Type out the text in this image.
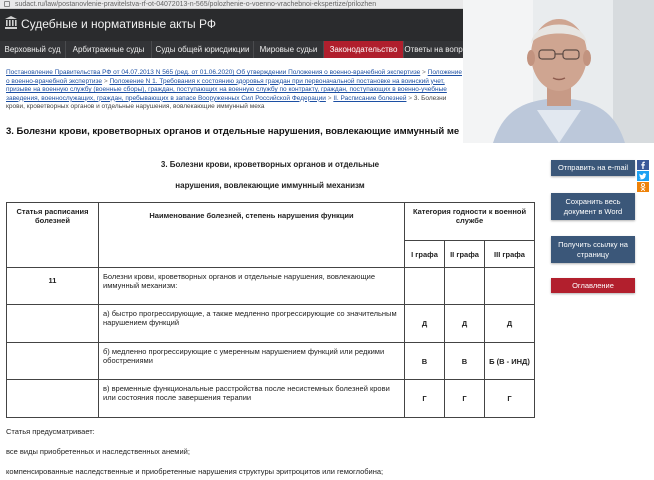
sudact.ru/law/postanovlenie-pravitelstva-rf-ot-04072013-n-565/polozhenie-o-voenno-vrachebnoi-ekspertize/prilozhen
Судебные и нормативные акты РФ
Верховный суд	Арбитражные суды	Суды общей юрисдикции	Мировые судьи	Законодательство Ответы на вопр
Постановление Правительства РФ от 04.07.2013 N 565 (ред. от 01.06.2020) Об утверждении Положения о военно-врачебной экспертизе > Положение о военно-врачебной экспертизе > Положение N 1. Требования к состоянию здоровья граждан при первоначальной постановке на воинский учет, призыве на военную службу (военные сборы), граждан, поступающих на военную службу по контракту, граждан, поступающих в военно-учебные заведения, военнослужащих, граждан, пребывающих в запасе Вооруженных Сил Российской Федерации > II. Расписание болезней > 3. Болезни крови, кроветворных органов и отдельные нарушения, вовлекающие иммунный меха
3. Болезни крови, кроветворных органов и отдельные нарушения, вовлекающие иммунный ме
3. Болезни крови, кроветворных органов и отдельные
нарушения, вовлекающие иммунный механизм
Статья расписания болезней	Наименование болезней, степень нарушения функции	Категория годности к военной службе		
		I графа	II графа	III графа
11	Болезни крови, кроветворных органов и отдельные нарушения, вовлекающие иммунный механизм:			
	а) быстро прогрессирующие, а также медленно прогрессирующие со значительным нарушением функций	Д	Д	Д
	б) медленно прогрессирующие с умеренным нарушением функций или редкими обострениями	В	В	Б (В - ИНД)
	в) временные функциональные расстройства после несистемных болезней крови или состояния после завершения терапии	Г	Г	Г
Статья предусматривает:
все виды приобретенных и наследственных анемий;
компенсированные наследственные и приобретенные нарушения структуры эритроцитов или гемоглобина;
Отправить на e-mail
Сохранить весь документ в Word
Получить ссылку на страницу
Оглавление
